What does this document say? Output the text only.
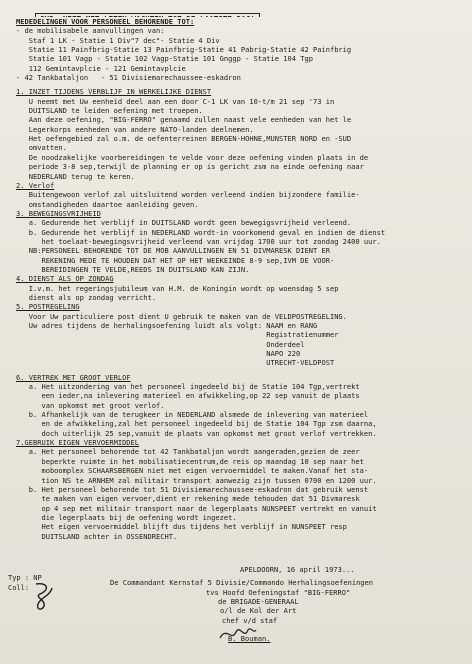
MEDEDELINGEN VOOR PERSONEEL BEHORENDE TOT:
- de mobilisabele aanvullingen van:
Staf 1 LK - Statie 1 Div"7 dec"- Statie 4 Div
Statie 11 Painfbrig-Statie 13 Painfbrig-Statie 41 Pabrig-Statie 42 Painfbrig
Statie 101 Vagp - Statie 102 Vagp-Statie 101 Gnggp - Statie 104 Tgp
112 Gemintavplcie - 121 Gemintavplcie
- 42 Tankbataljon   - 51 Divisiemarechaussee-eskadron
1. INZET TIJDENS VERBLIJF IN WERKELIJKE DIENST
U neemt met Uw eenheid deel aan een door C-1 LK van 10-t/m 21 sep '73 in
DUITSLAND te leiden oefening met troepen.
Aan deze oefening, "BIG-FERRO" genaamd zullen naast vele eenheden van het le
Legerkorps eenheden van andere NATO-landen deelnemen.
Het oefengebied zal o.m. de oefenterreinen BERGEN-HOHNE,MUNSTER NORD en -SUD
omvatten.
De noodzakelijke voorbereidingen te velde voor deze oefening vinden plaats in de
periode 3-8 sep,terwijl de planning er op is gericht zsm na einde oefening naar
NEDERLAND terug te keren.
2. Verlof
Buitengewoon verlof zal uitsluitend worden verleend indien bijzondere familie-
omstandigheden daartoe aanleiding geven.
3. BEWEGINGSVRIJHEID
a. Gedurende het verblijf in DUITSLAND wordt geen bewegigsvrijheid verleend.
b. Gedurende het verblijf in NEDERLAND wordt-in voorkomend geval en indien de dienst
het toelaat-bewegingsvrijheid verleend van vrijdag 1700 uur tot zondag 2400 uur.
NB:PERSONEEL BEHORENDE TOT DE MOB AANVULLINGEN EN 51 DIVMARESK DIENT ER
REKENING MEDE TE HOUDEN DAT HET OP HET WEEKEINDE 8-9 sep,IVM DE VOOR-
BEREIDINGEN TE VELDE,REEDS IN DUITSLAND KAN ZIJN.
4. DIENST ALS OP ZONDAG
I.v.m. het regeringsjubileum van H.M. de Koningin wordt op woensdag 5 sep
dienst als op zondag verricht.
5. POSTREGELING
Voor Uw particuliere post dient U gebruik te maken van de VELDPOSTREGELING.
Uw adres tijdens de herhalingsoefening luidt als volgt: NAAM en RANG
Registratienummer
Onderdeel
NAPO 220
UTRECHT-VELDPOST
6. VERTREK MET GROOT VERLOF
a. Het uitzondering van het personeel ingedeeld bij de Statie 104 Tgp,vertrekt
een ieder,na inlevering materieel en afwikkeling,op 22 sep vanuit de plaats
van opkomst met groot verlof.
b. Afhankelijk van de terugkeer in NEDERLAND alsmede de inlevering van materieel
en de afwikkeling,zal het personeel ingedeeld bij de Statie 104 Tgp zsm daarna,
doch uiterlijk 25 sep,vanuit de plaats van opkomst met groot verlof vertrekken.
7.GEBRUIK EIGEN VERVOERMIDDEL
a. Het personeel behorende tot 42 Tankbataljon wordt aangeraden,gezien de zeer
beperkte ruimte in het mobilisatiecentrum,de reis op maandag 10 sep naar het
moboomplex SCHAARSBERGEN niet met eigen vervoermiddel te maken.Vanaf het sta-
tion NS te ARNHEM zal militair transport aanwezig zijn tussen 0700 en 1200 uur.
b. Het personeel behorende tot 51 Divisiemarechaussee-eskadron dat gebruik wenst
te maken van eigen vervoer,dient er rekening mede tehouden dat 51 Divmaresk
op 4 sep met militair transport naar de legerplaats NUNSPEET vertrekt en vanuit
die legerplaats bij de oefening wordt ingezet.
Het eigen vervoermiddel blijft dus tijdens het verblijf in NUNSPEET resp
DUITSLAND achter in OSSENDRECHT.
APELDOORN, 16 april 1973...
De Commandant Kernstaf 5 Divisie/Commando Herhalingsoefeningen
tvs Hoofd Oefeningstaf "BIG-FERRO"
de BRIGADE-GENERAAL
o/l de Kol der Art
chef v/d staf
Typ : NP
Coll:
B. Bouman.
